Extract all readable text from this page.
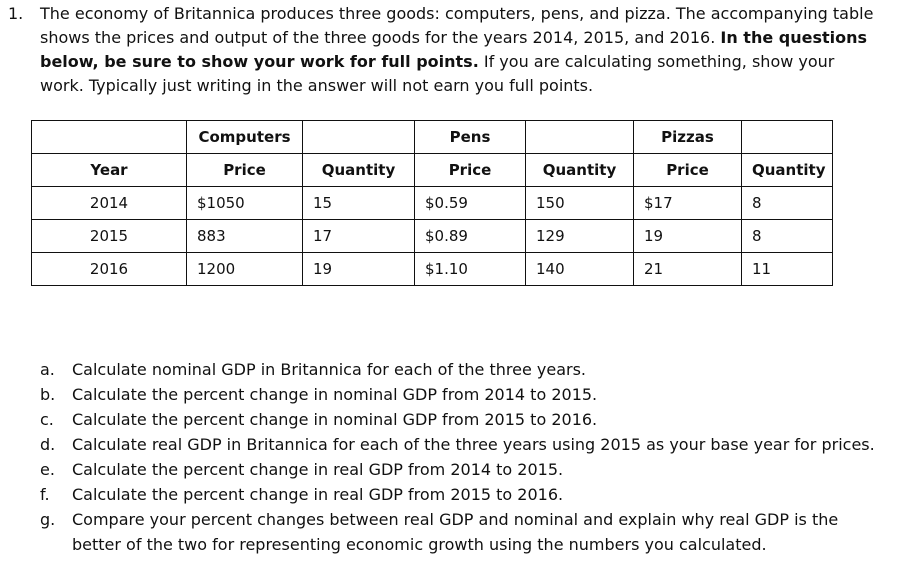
1. The economy of Britannica produces three goods: computers, pens, and pizza. The accompanying table shows the prices and output of the three goods for the years 2014, 2015, and 2016. In the questions below, be sure to show your work for full points. If you are calculating something, show your work. Typically just writing in the answer will not earn you full points.
	Computers		Pens		Pizzas	
Year	Price	Quantity	Price	Quantity	Price	Quantity
2014	$1050	15	$0.59	150	$17	8
2015	883	17	$0.89	129	19	8
2016	1200	19	$1.10	140	21	11
a.	Calculate nominal GDP in Britannica for each of the three years.
b.	Calculate the percent change in nominal GDP from 2014 to 2015.
c.	Calculate the percent change in nominal GDP from 2015 to 2016.
d.	Calculate real GDP in Britannica for each of the three years using 2015 as your base year for prices.
e.	Calculate the percent change in real GDP from 2014 to 2015.
f.	Calculate the percent change in real GDP from 2015 to 2016.
g.	Compare your percent changes between real GDP and nominal and explain why real GDP is the better of the two for representing economic growth using the numbers you calculated.
